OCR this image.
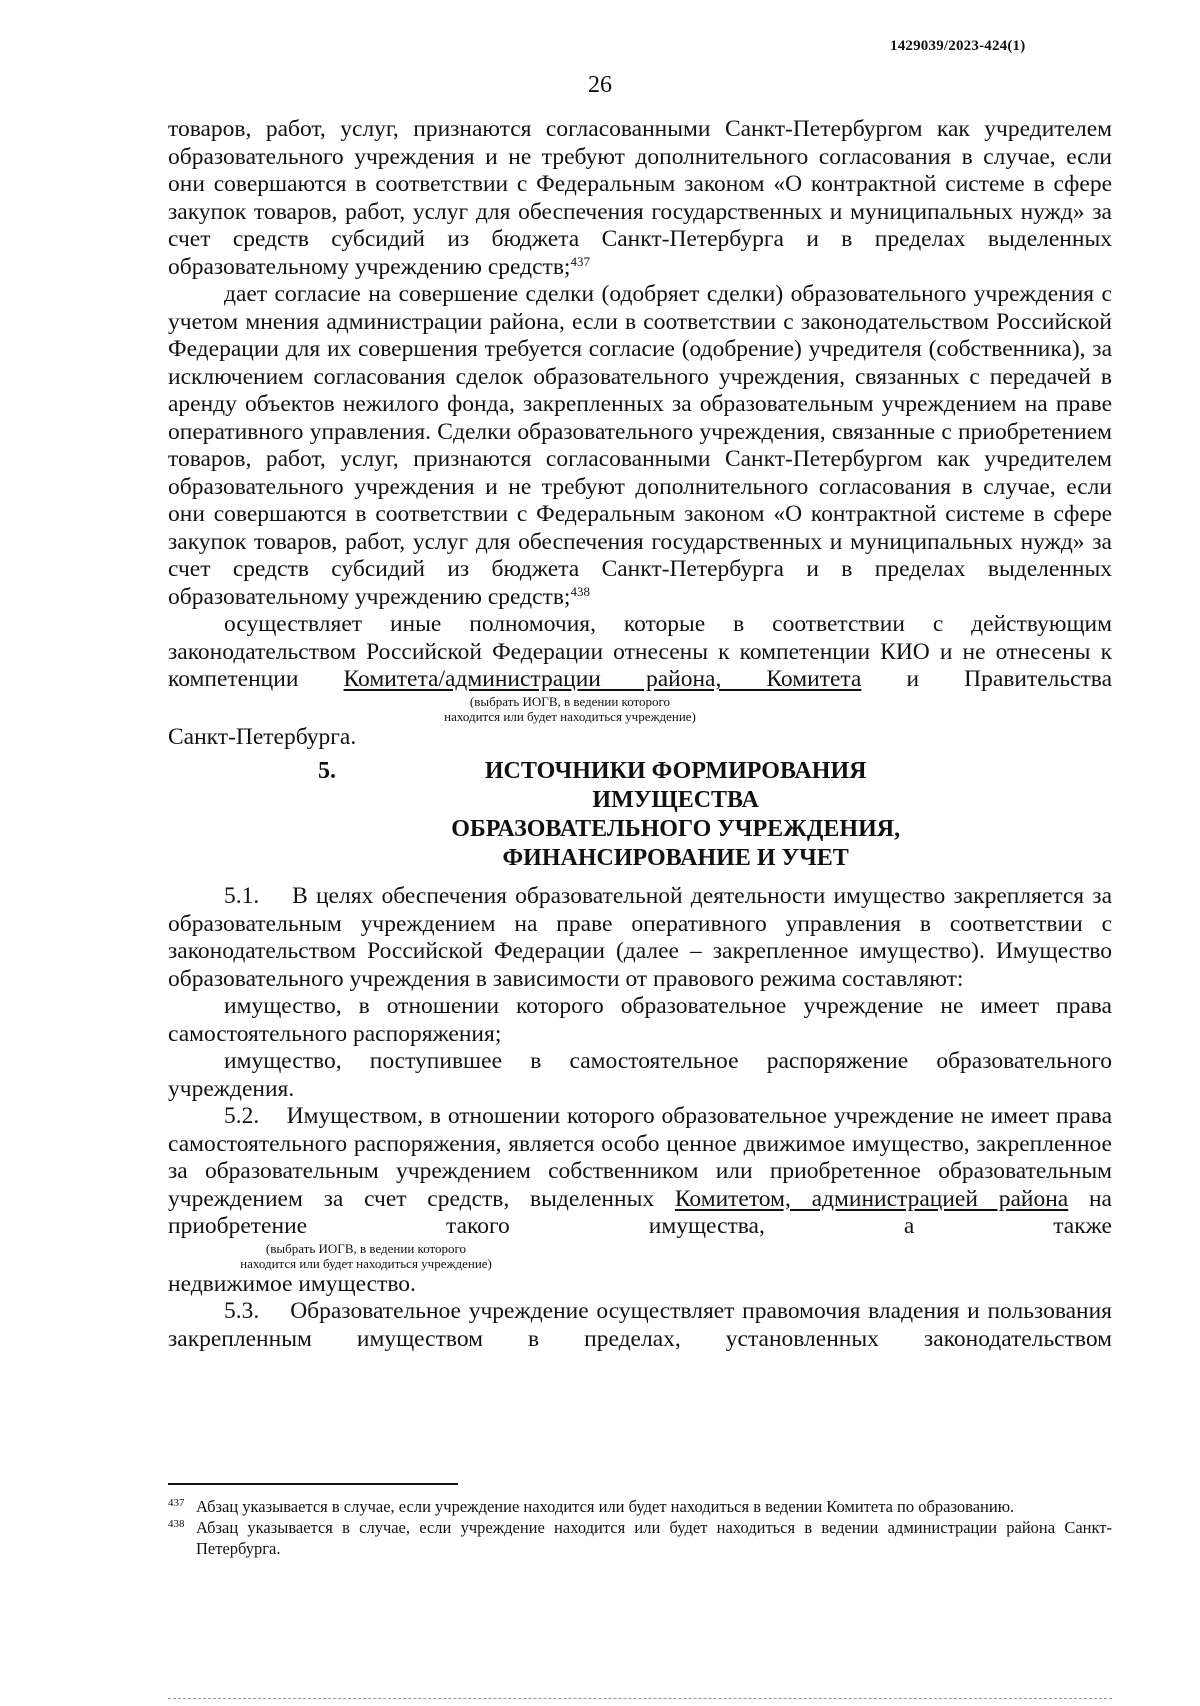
1429039/2023-424(1)
26

товаров, работ, услуг, признаются согласованными Санкт-Петербургом как учредителем образовательного учреждения и не требуют дополнительного согласования в случае, если они совершаются в соответствии с Федеральным законом «О контрактной системе в сфере закупок товаров, работ, услуг для обеспечения государственных и муниципальных нужд» за счет средств субсидий из бюджета Санкт-Петербурга и в пределах выделенных образовательному учреждению средств;$^{437}$

дает согласие на совершение сделки (одобряет сделки) образовательного учреждения с учетом мнения администрации района, если в соответствии с законодательством Российской Федерации для их совершения требуется согласие (одобрение) учредителя (собственника), за исключением согласования сделок образовательного учреждения, связанных с передачей в аренду объектов нежилого фонда, закрепленных за образовательным учреждением на праве оперативного управления. Сделки образовательного учреждения, связанные с приобретением товаров, работ, услуг, признаются согласованными Санкт-Петербургом как учредителем образовательного учреждения и не требуют дополнительного согласования в случае, если они совершаются в соответствии с Федеральным законом «О контрактной системе в сфере закупок товаров, работ, услуг для обеспечения государственных и муниципальных нужд» за счет средств субсидий из бюджета Санкт-Петербурга и в пределах выделенных образовательному учреждению средств;$^{438}$

осуществляет иные полномочия, которые в соответствии с действующим законодательством Российской Федерации отнесены к компетенции КИО и не отнесены к компетенции Комитета/администрации района, Комитета и Правительства

(выбрать ИОГВ, в ведении которого
находится или будет находиться учреждение)

Санкт-Петербурга.

5.	ИСТОЧНИКИ ФОРМИРОВАНИЯ ИМУЩЕСТВА
ОБРАЗОВАТЕЛЬНОГО УЧРЕЖДЕНИЯ,
ФИНАНСИРОВАНИЕ И УЧЕТ

5.1. В целях обеспечения образовательной деятельности имущество закрепляется за образовательным учреждением на праве оперативного управления в соответствии с законодательством Российской Федерации (далее – закрепленное имущество). Имущество образовательного учреждения в зависимости от правового режима составляют:

имущество, в отношении которого образовательное учреждение не имеет права самостоятельного распоряжения;

имущество, поступившее в самостоятельное распоряжение образовательного учреждения.

5.2. Имуществом, в отношении которого образовательное учреждение не имеет права самостоятельного распоряжения, является особо ценное движимое имущество, закрепленное за образовательным учреждением собственником или приобретенное образовательным учреждением за счет средств, выделенных Комитетом, администрацией района на приобретение такого имущества, а также

(выбрать ИОГВ, в ведении которого
находится или будет находиться учреждение)

недвижимое имущество.

5.3. Образовательное учреждение осуществляет правомочия владения и пользования закрепленным имуществом в пределах, установленных законодательством

$^{437}$ Абзац указывается в случае, если учреждение находится или будет находиться в ведении Комитета по образованию.

$^{438}$ Абзац указывается в случае, если учреждение находится или будет находиться в ведении администрации района Санкт-Петербурга.
